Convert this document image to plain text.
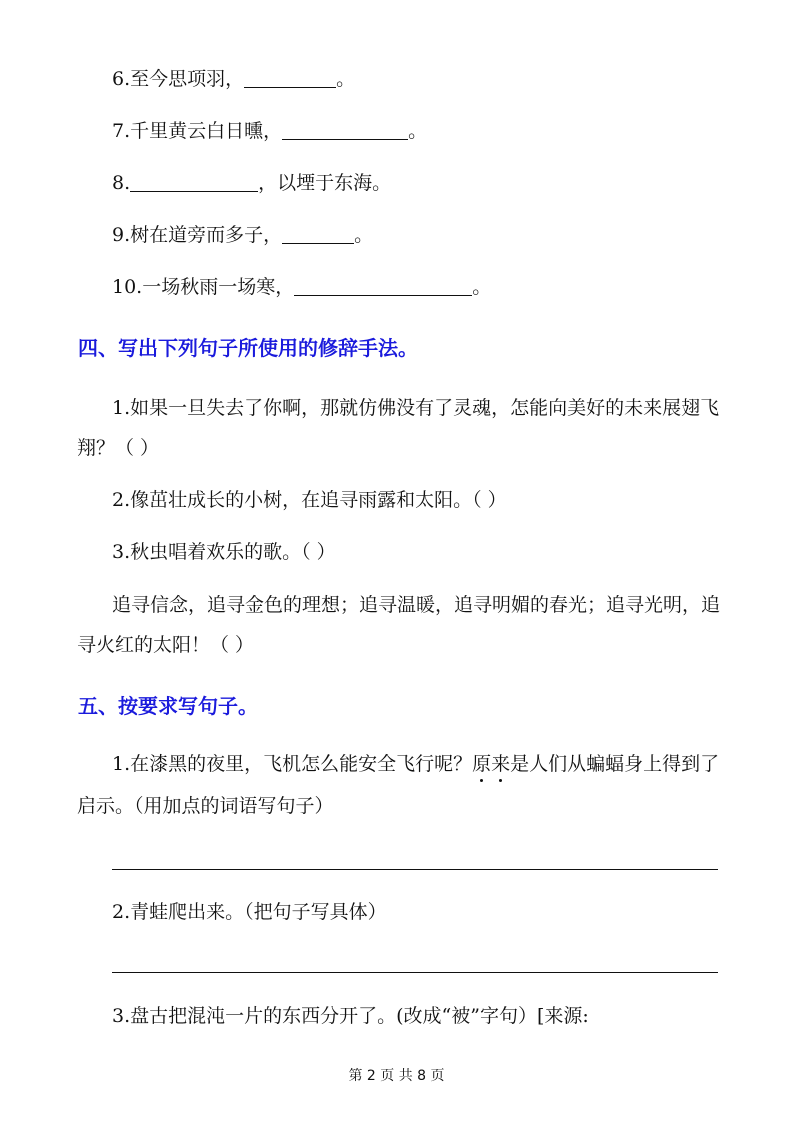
6.至今思项羽，	。
7.千里黄云白日曛，	。
8.	，以堙于东海。
9.树在道旁而多子，	。
10.一场秋雨一场寒，	。
四、写出下列句子所使用的修辞手法。
1.如果一旦失去了你啊，那就仿佛没有了灵魂，怎能向美好的未来展翅飞
翔？（ ）
2.像茁壮成长的小树，在追寻雨露和太阳。（ ）
3.秋虫唱着欢乐的歌。（ ）
追寻信念，追寻金色的理想；追寻温暖，追寻明媚的春光；追寻光明，追
寻火红的太阳！（ ）
五、按要求写句子。
1.在漆黑的夜里，飞机怎么能安全飞行呢？原来是人们从蝙蝠身上得到了
启示。（用加点的词语写句子）
2.青蛙爬出来。（把句子写具体）
3.盘古把混沌一片的东西分开了。(改成“被”字句）[来源:
第 2 页 共 8 页
